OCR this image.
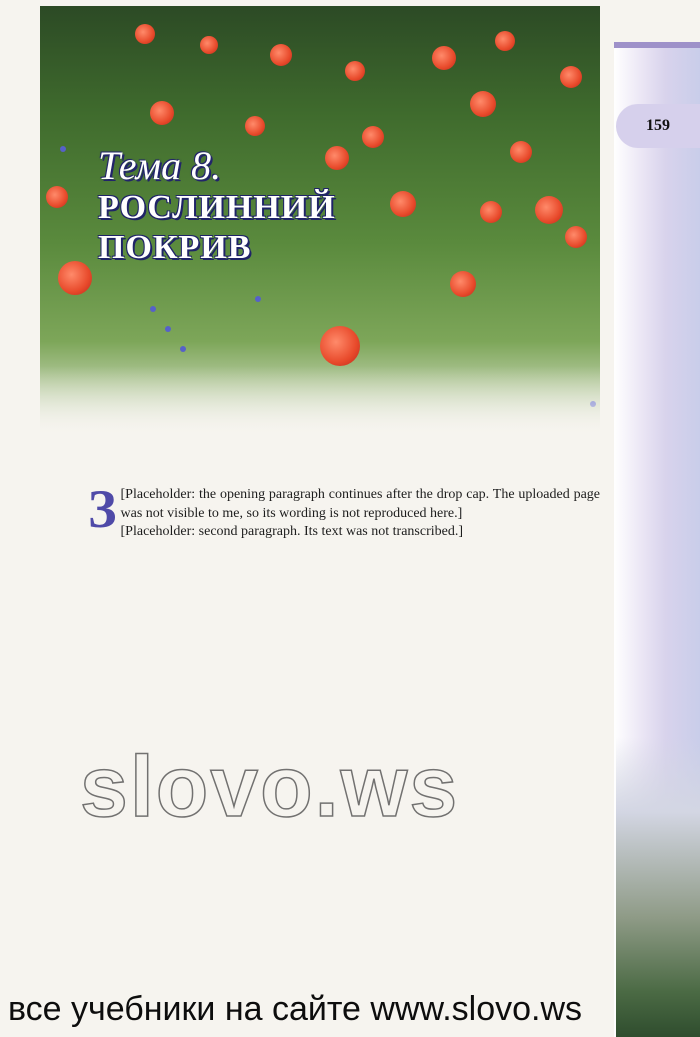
159

Тема 8.

РОСЛИННИЙ

ПОКРИВ

З [Placeholder: the opening paragraph continues after the drop cap. The uploaded page was not visible to me, so its wording is not reproduced here.]

[Placeholder: second paragraph. Its text was not transcribed.]

slovo.ws
все учебники на сайте www.slovo.ws
